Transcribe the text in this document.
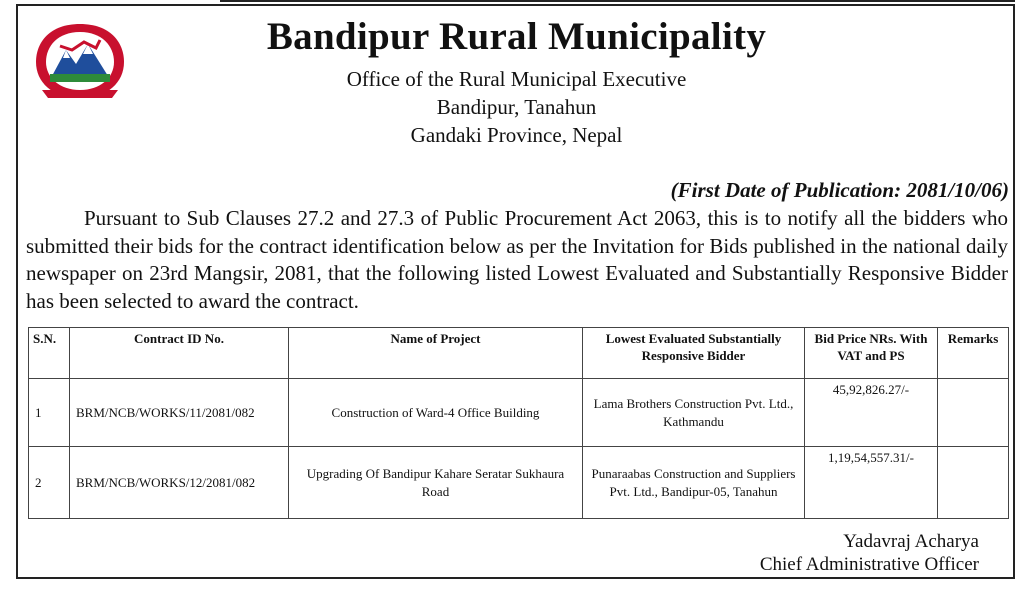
Bandipur Rural Municipality
Office of the Rural Municipal Executive
Bandipur, Tanahun
Gandaki Province, Nepal
(First Date of Publication: 2081/10/06)
Pursuant to Sub Clauses 27.2 and 27.3 of Public Procurement Act 2063, this is to notify all the bidders who submitted their bids for the contract identification below as per the Invitation for Bids published in the national daily newspaper on 23rd Mangsir, 2081, that the following listed Lowest Evaluated and Substantially Responsive Bidder has been selected to award the contract.
S.N.	Contract ID No.	Name of Project	Lowest Evaluated Substantially Responsive Bidder	Bid Price NRs. With VAT and PS	Remarks
1	BRM/NCB/WORKS/11/2081/082	Construction of Ward-4 Office Building	Lama Brothers Construction Pvt. Ltd., Kathmandu	45,92,826.27/-	
2	BRM/NCB/WORKS/12/2081/082	Upgrading Of Bandipur Kahare Seratar Sukhaura Road	Punaraabas Construction and Suppliers Pvt. Ltd., Bandipur-05, Tanahun	1,19,54,557.31/-	
Yadavraj Acharya
Chief Administrative Officer
